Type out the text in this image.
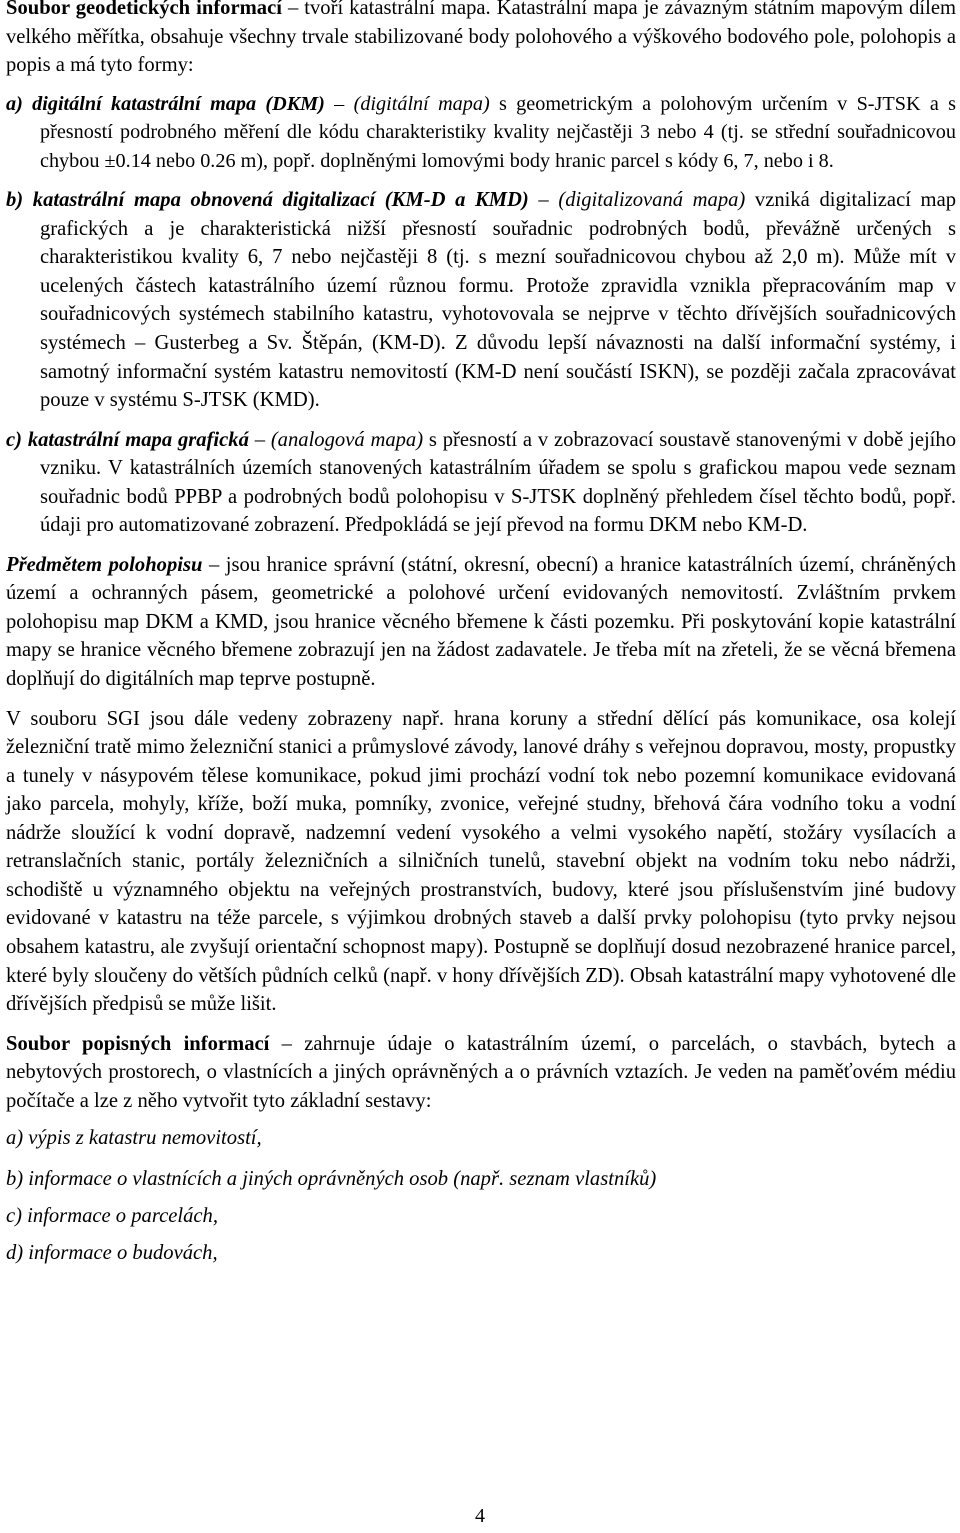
Soubor geodetických informací – tvoří katastrální mapa. Katastrální mapa je závazným státním mapovým dílem velkého měřítka, obsahuje všechny trvale stabilizované body polohového a výškového bodového pole, polohopis a popis a má tyto formy:

a) digitální katastrální mapa (DKM) – (digitální mapa) s geometrickým a polohovým určením v S-JTSK a s přesností podrobného měření dle kódu charakteristiky kvality nejčastěji 3 nebo 4 (tj. se střední souřadnicovou chybou ±0.14 nebo 0.26 m), popř. doplněnými lomovými body hranic parcel s kódy 6, 7, nebo i 8.

b) katastrální mapa obnovená digitalizací (KM-D a KMD) – (digitalizovaná mapa) vzniká digitalizací map grafických a je charakteristická nižší přesností souřadnic podrobných bodů, převážně určených s charakteristikou kvality 6, 7 nebo nejčastěji 8 (tj. s mezní souřadnicovou chybou až 2,0 m). Může mít v ucelených částech katastrálního území různou formu. Protože zpravidla vznikla přepracováním map v souřadnicových systémech stabilního katastru, vyhotovovala se nejprve v těchto dřívějších souřadnicových systémech – Gusterbeg a Sv. Štěpán, (KM-D). Z důvodu lepší návaznosti na další informační systémy, i samotný informační systém katastru nemovitostí (KM-D není součástí ISKN), se později začala zpracovávat pouze v systému S-JTSK (KMD).

c) katastrální mapa grafická – (analogová mapa) s přesností a v zobrazovací soustavě stanovenými v době jejího vzniku. V katastrálních územích stanovených katastrálním úřadem se spolu s grafickou mapou vede seznam souřadnic bodů PPBP a podrobných bodů polohopisu v S-JTSK doplněný přehledem čísel těchto bodů, popř. údaji pro automatizované zobrazení. Předpokládá se její převod na formu DKM nebo KM-D.

Předmětem polohopisu – jsou hranice správní (státní, okresní, obecní) a hranice katastrálních území, chráněných území a ochranných pásem, geometrické a polohové určení evidovaných nemovitostí. Zvláštním prvkem polohopisu map DKM a KMD, jsou hranice věcného břemene k části pozemku. Při poskytování kopie katastrální mapy se hranice věcného břemene zobrazují jen na žádost zadavatele. Je třeba mít na zřeteli, že se věcná břemena doplňují do digitálních map teprve postupně.

V souboru SGI jsou dále vedeny zobrazeny např. hrana koruny a střední dělící pás komunikace, osa kolejí železniční tratě mimo železniční stanici a průmyslové závody, lanové dráhy s veřejnou dopravou, mosty, propustky a tunely v násypovém tělese komunikace, pokud jimi prochází vodní tok nebo pozemní komunikace evidovaná jako parcela, mohyly, kříže, boží muka, pomníky, zvonice, veřejné studny, břehová čára vodního toku a vodní nádrže sloužící k vodní dopravě, nadzemní vedení vysokého a velmi vysokého napětí, stožáry vysílacích a retranslačních stanic, portály železničních a silničních tunelů, stavební objekt na vodním toku nebo nádrži, schodiště u významného objektu na veřejných prostranstvích, budovy, které jsou příslušenstvím jiné budovy evidované v katastru na téže parcele, s výjimkou drobných staveb a další prvky polohopisu (tyto prvky nejsou obsahem katastru, ale zvyšují orientační schopnost mapy). Postupně se doplňují dosud nezobrazené hranice parcel, které byly sloučeny do větších půdních celků (např. v hony dřívějších ZD). Obsah katastrální mapy vyhotovené dle dřívějších předpisů se může lišit.

Soubor popisných informací – zahrnuje údaje o katastrálním území, o parcelách, o stavbách, bytech a nebytových prostorech, o vlastnících a jiných oprávněných a o právních vztazích. Je veden na paměťovém médiu počítače a lze z něho vytvořit tyto základní sestavy:

a) výpis z katastru nemovitostí,

b) informace o vlastnících a jiných oprávněných osob (např. seznam vlastníků)

c) informace o parcelách,

d) informace o budovách,

4
